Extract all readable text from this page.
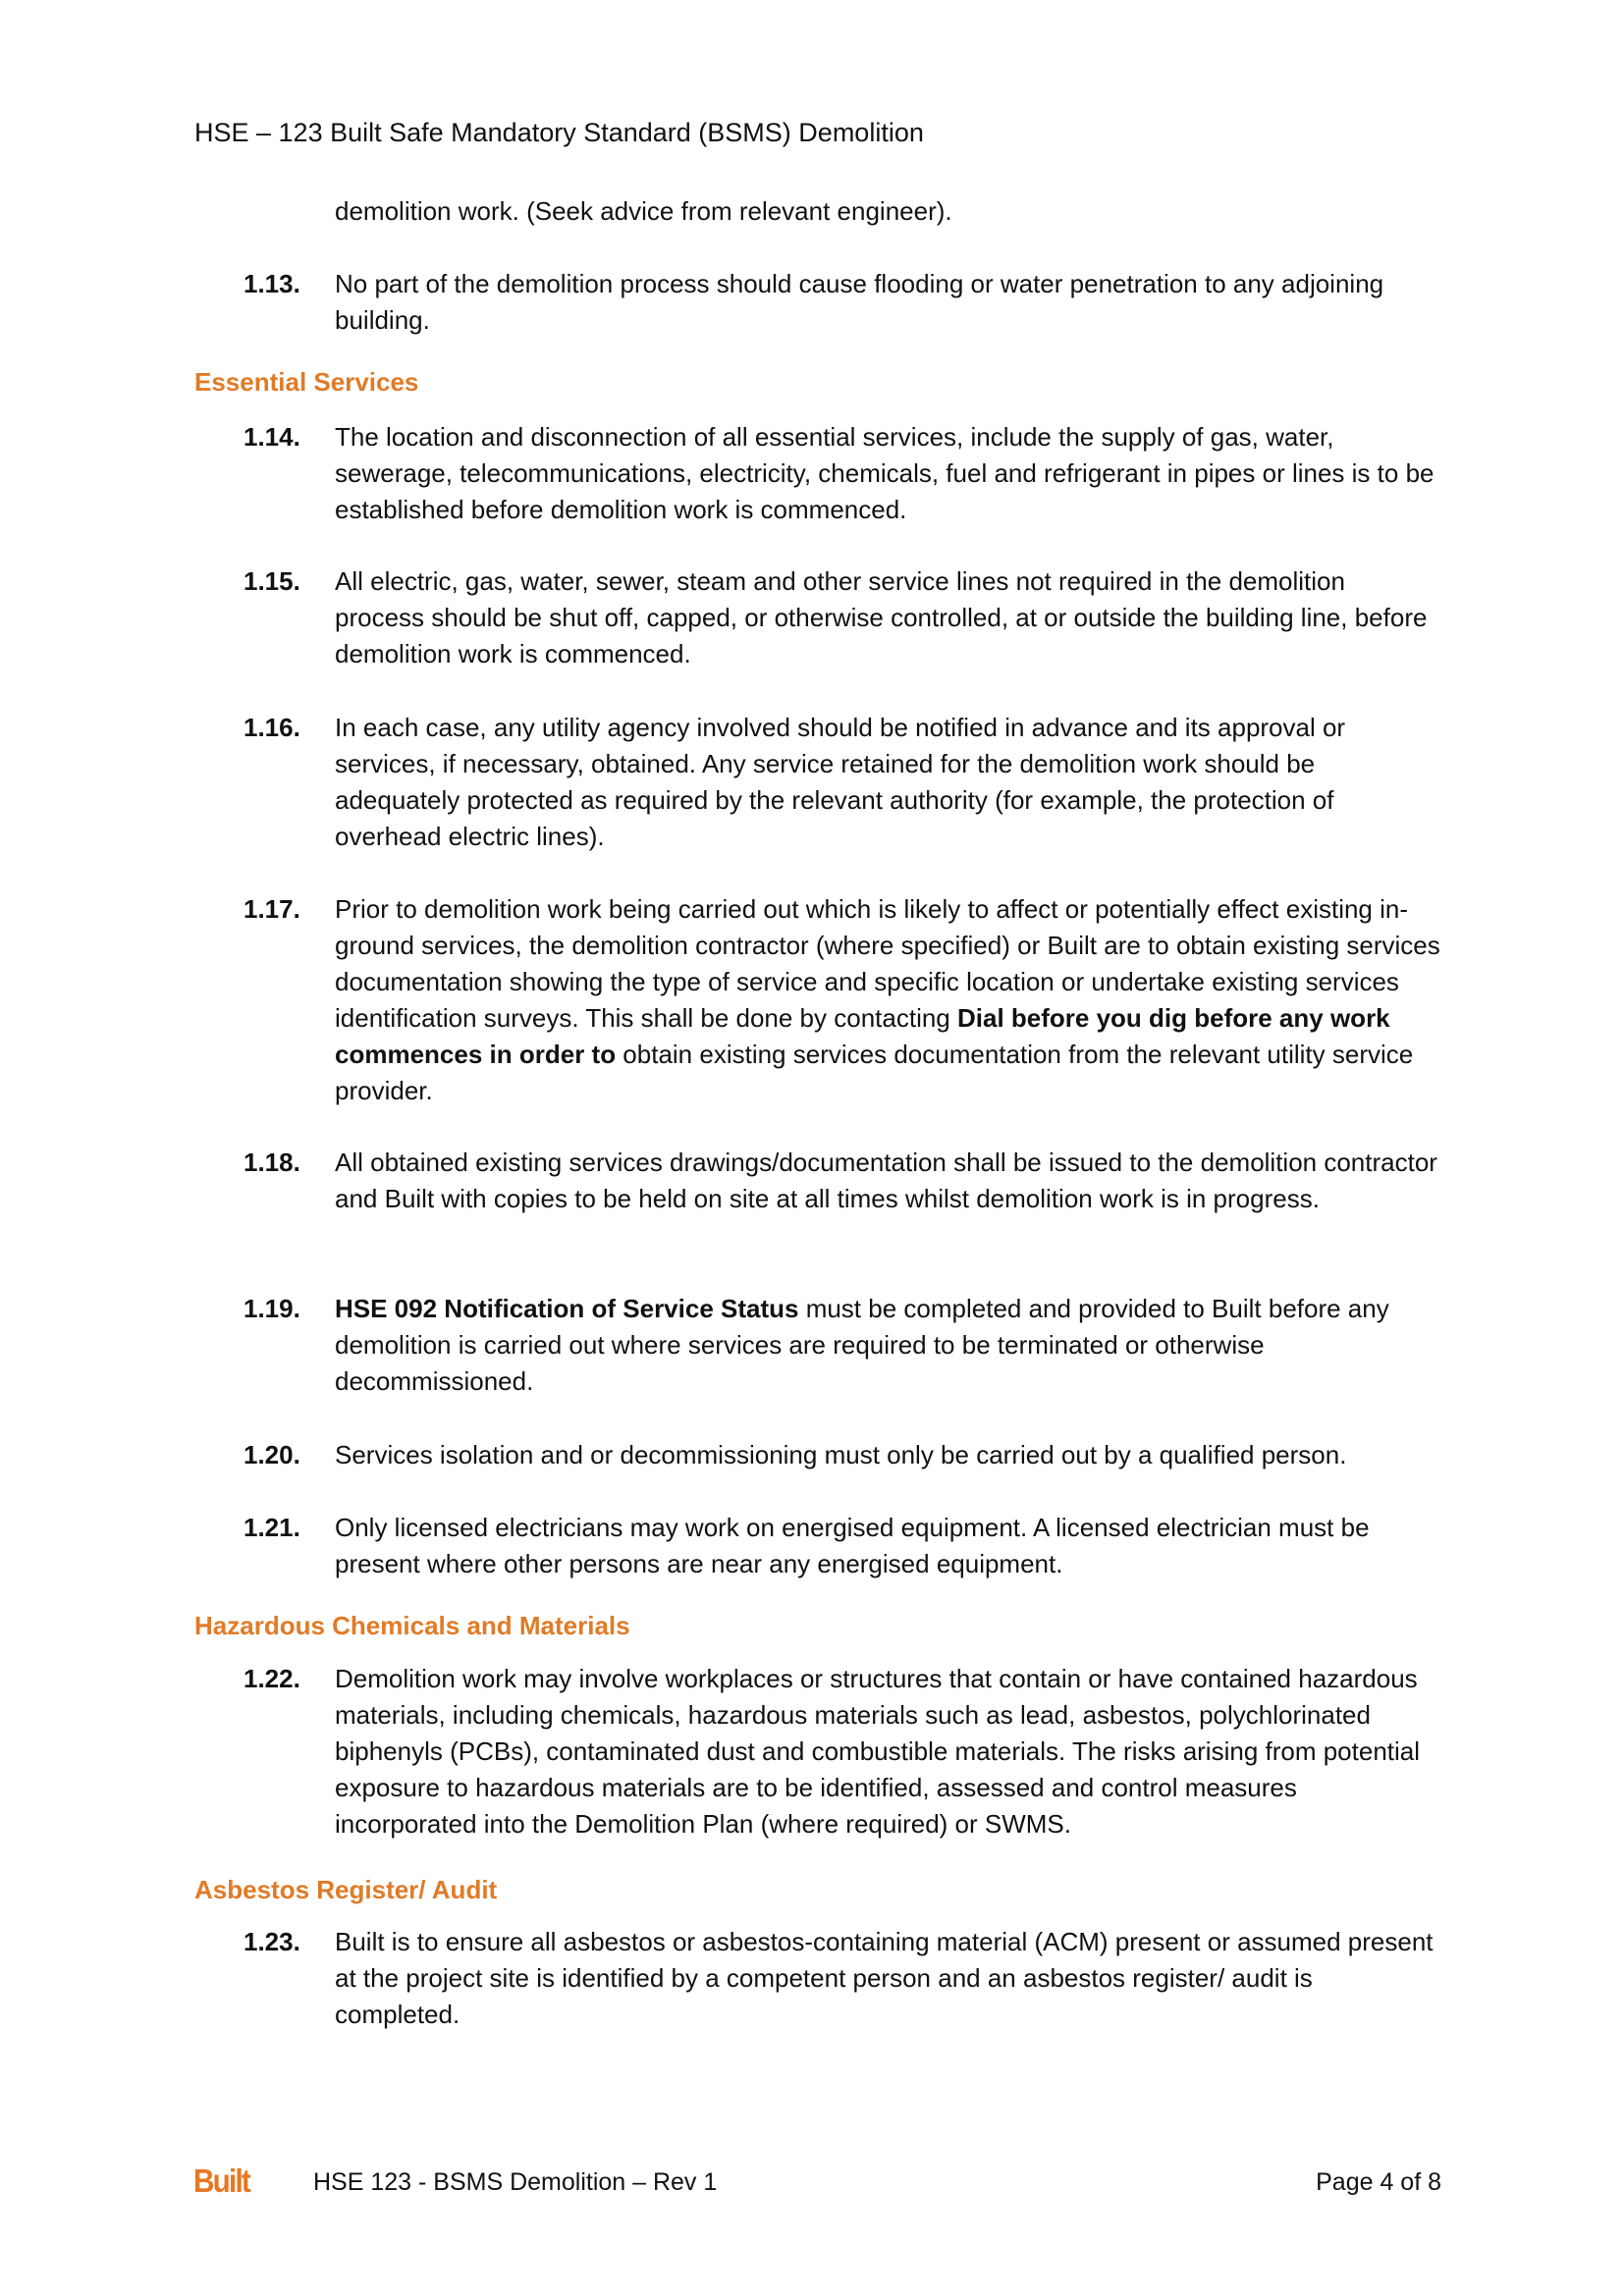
HSE – 123 Built Safe Mandatory Standard (BSMS) Demolition
demolition work. (Seek advice from relevant engineer).
1.13. No part of the demolition process should cause flooding or water penetration to any adjoining building.
Essential Services
1.14. The location and disconnection of all essential services, include the supply of gas, water, sewerage, telecommunications, electricity, chemicals, fuel and refrigerant in pipes or lines is to be established before demolition work is commenced.
1.15. All electric, gas, water, sewer, steam and other service lines not required in the demolition process should be shut off, capped, or otherwise controlled, at or outside the building line, before demolition work is commenced.
1.16. In each case, any utility agency involved should be notified in advance and its approval or services, if necessary, obtained. Any service retained for the demolition work should be adequately protected as required by the relevant authority (for example, the protection of overhead electric lines).
1.17. Prior to demolition work being carried out which is likely to affect or potentially effect existing in-ground services, the demolition contractor (where specified) or Built are to obtain existing services documentation showing the type of service and specific location or undertake existing services identification surveys. This shall be done by contacting Dial before you dig before any work commences in order to obtain existing services documentation from the relevant utility service provider.
1.18. All obtained existing services drawings/documentation shall be issued to the demolition contractor and Built with copies to be held on site at all times whilst demolition work is in progress.
1.19. HSE 092 Notification of Service Status must be completed and provided to Built before any demolition is carried out where services are required to be terminated or otherwise decommissioned.
1.20. Services isolation and or decommissioning must only be carried out by a qualified person.
1.21. Only licensed electricians may work on energised equipment. A licensed electrician must be present where other persons are near any energised equipment.
Hazardous Chemicals and Materials
1.22. Demolition work may involve workplaces or structures that contain or have contained hazardous materials, including chemicals, hazardous materials such as lead, asbestos, polychlorinated biphenyls (PCBs), contaminated dust and combustible materials. The risks arising from potential exposure to hazardous materials are to be identified, assessed and control measures incorporated into the Demolition Plan (where required) or SWMS.
Asbestos Register/ Audit
1.23. Built is to ensure all asbestos or asbestos-containing material (ACM) present or assumed present at the project site is identified by a competent person and an asbestos register/ audit is completed.
Built	HSE 123 - BSMS Demolition – Rev 1	Page 4 of 8
